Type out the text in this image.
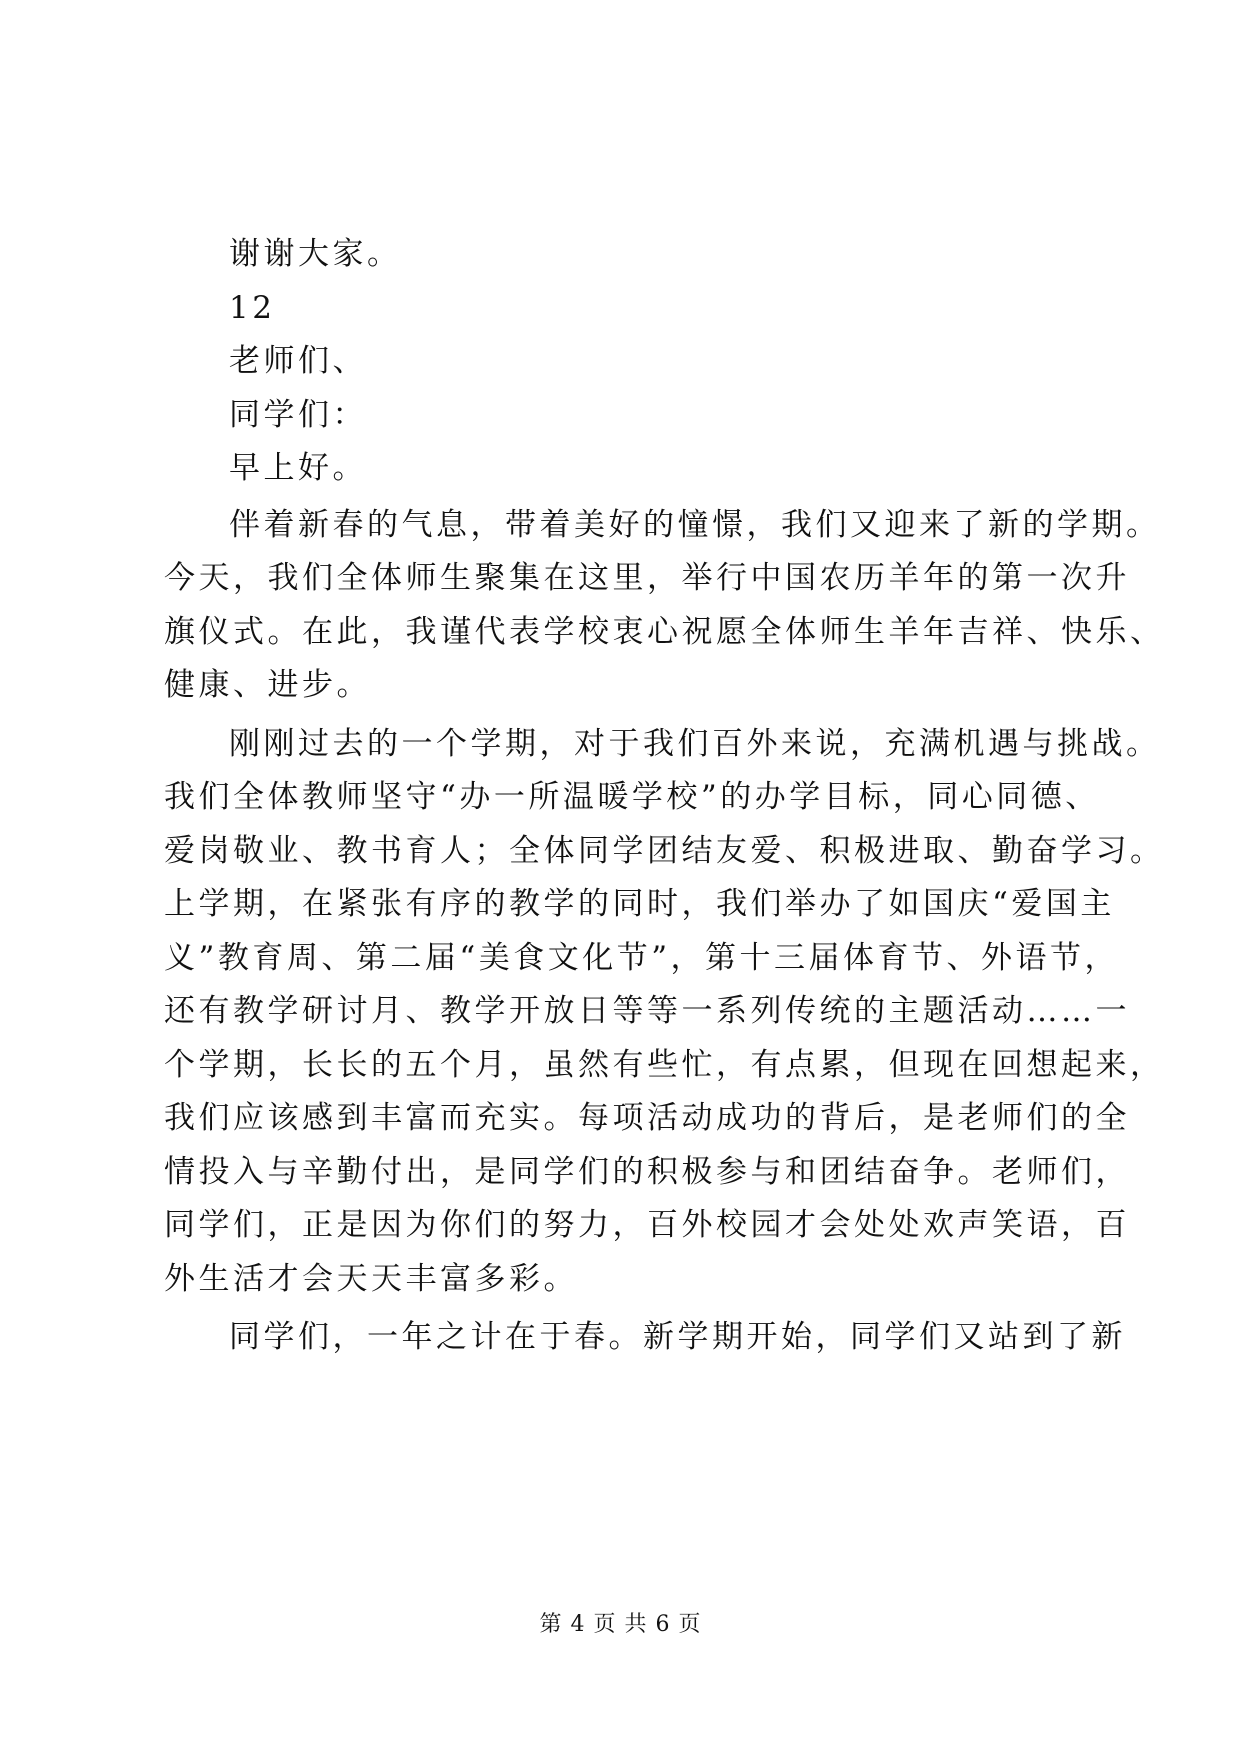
谢谢大家。
12
老师们、
同学们：
早上好。
伴着新春的气息，带着美好的憧憬，我们又迎来了新的学期。
今天，我们全体师生聚集在这里，举行中国农历羊年的第一次升
旗仪式。在此，我谨代表学校衷心祝愿全体师生羊年吉祥、快乐、
健康、进步。
刚刚过去的一个学期，对于我们百外来说，充满机遇与挑战。
我们全体教师坚守“办一所温暖学校”的办学目标，同心同德、
爱岗敬业、教书育人；全体同学团结友爱、积极进取、勤奋学习。
上学期，在紧张有序的教学的同时，我们举办了如国庆“爱国主
义”教育周、第二届“美食文化节”，第十三届体育节、外语节，
还有教学研讨月、教学开放日等等一系列传统的主题活动……一
个学期，长长的五个月，虽然有些忙，有点累，但现在回想起来，
我们应该感到丰富而充实。每项活动成功的背后，是老师们的全
情投入与辛勤付出，是同学们的积极参与和团结奋争。老师们，
同学们，正是因为你们的努力，百外校园才会处处欢声笑语，百
外生活才会天天丰富多彩。
同学们，一年之计在于春。新学期开始，同学们又站到了新
第 4 页 共 6 页
